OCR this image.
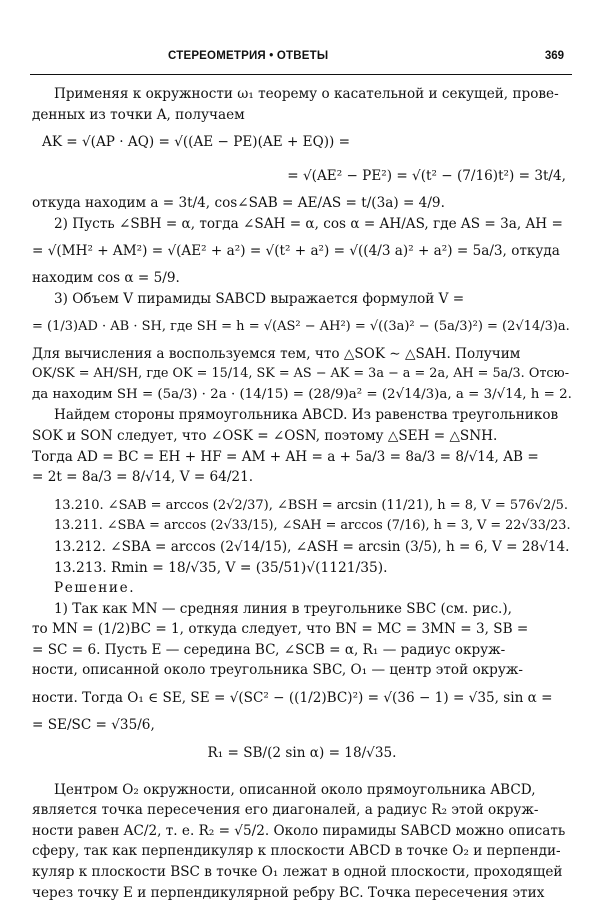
СТЕРЕОМЕТРИЯ • ОТВЕТЫ	369
Применяя к окружности ω₁ теорему о касательной и секущей, прове-
денных из точки A, получаем
AK = √(AP · AQ) = √((AE − PE)(AE + EQ)) =
= √(AE² − PE²) = √(t² − (7/16)t²) = 3t/4,
откуда находим a = 3t/4, cos∠SAB = AE/AS = t/(3a) = 4/9.
2) Пусть ∠SBH = α, тогда ∠SAH = α, cos α = AH/AS, где AS = 3a, AH =
= √(MH² + AM²) = √(AE² + a²) = √(t² + a²) = √((4/3 a)² + a²) = 5a/3, откуда
находим cos α = 5/9.
3) Объем V пирамиды SABCD выражается формулой V =
= (1/3)AD · AB · SH, где SH = h = √(AS² − AH²) = √((3a)² − (5a/3)²) = (2√14/3)a.
Для вычисления a воспользуемся тем, что △SOK ∼ △SAH. Получим
OK/SK = AH/SH, где OK = 15/14, SK = AS − AK = 3a − a = 2a, AH = 5a/3. Отсю-
да находим SH = (5a/3) · 2a · (14/15) = (28/9)a² = (2√14/3)a, a = 3/√14, h = 2.
Найдем стороны прямоугольника ABCD. Из равенства треугольников
SOK и SON следует, что ∠OSK = ∠OSN, поэтому △SEH = △SNH.
Тогда AD = BC = EH + HF = AM + AH = a + 5a/3 = 8a/3 = 8/√14, AB =
= 2t = 8a/3 = 8/√14, V = 64/21.
13.210. ∠SAB = arccos (2√2/37), ∠BSH = arcsin (11/21), h = 8, V = 576√2/5.
13.211. ∠SBA = arccos (2√33/15), ∠SAH = arccos (7/16), h = 3, V = 22√33/23.
13.212. ∠SBA = arccos (2√14/15), ∠ASH = arcsin (3/5), h = 6, V = 28√14.
13.213. Rmin = 18/√35, V = (35/51)√(1121/35).
Решение.
1) Так как MN — средняя линия в треугольнике SBC (см. рис.),
то MN = (1/2)BC = 1, откуда следует, что BN = MC = 3MN = 3, SB =
= SC = 6. Пусть E — середина BC, ∠SCB = α, R₁ — радиус окруж-
ности, описанной около треугольника SBC, O₁ — центр этой окруж-
ности. Тогда O₁ ∈ SE, SE = √(SC² − ((1/2)BC)²) = √(36 − 1) = √35, sin α =
= SE/SC = √35/6,
R₁ = SB/(2 sin α) = 18/√35.
Центром O₂ окружности, описанной около прямоугольника ABCD,
является точка пересечения его диагоналей, а радиус R₂ этой окруж-
ности равен AC/2, т. е. R₂ = √5/2. Около пирамиды SABCD можно описать
сферу, так как перпендикуляр к плоскости ABCD в точке O₂ и перпенди-
куляр к плоскости BSC в точке O₁ лежат в одной плоскости, проходящей
через точку E и перпендикулярной ребру BC. Точка пересечения этих
